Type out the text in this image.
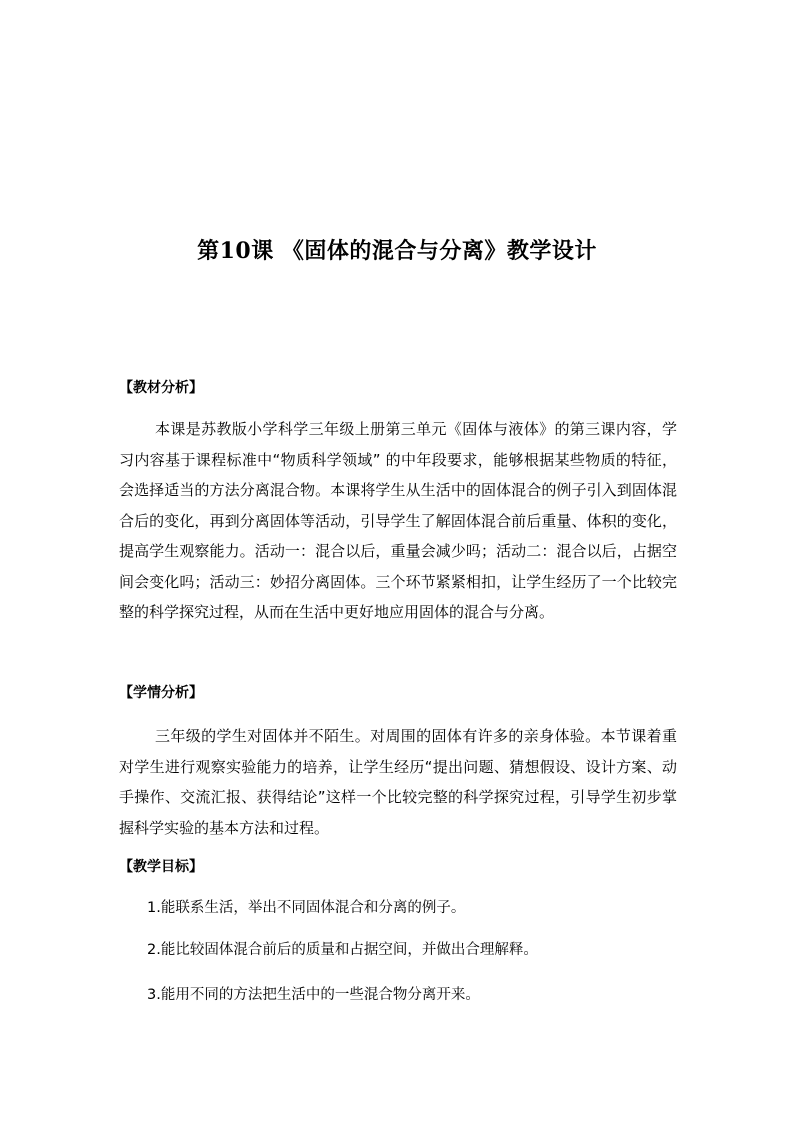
第10课 《固体的混合与分离》教学设计
【教材分析】
本课是苏教版小学科学三年级上册第三单元《固体与液体》的第三课内容，学习内容基于课程标准中“物质科学领域” 的中年段要求，能够根据某些物质的特征，会选择适当的方法分离混合物。本课将学生从生活中的固体混合的例子引入到固体混合后的变化，再到分离固体等活动，引导学生了解固体混合前后重量、体积的变化，提高学生观察能力。活动一：混合以后，重量会减少吗；活动二：混合以后，占据空间会变化吗；活动三：妙招分离固体。三个环节紧紧相扣，让学生经历了一个比较完整的科学探究过程，从而在生活中更好地应用固体的混合与分离。
【学情分析】
三年级的学生对固体并不陌生。对周围的固体有许多的亲身体验。本节课着重对学生进行观察实验能力的培养，让学生经历“提出问题、猜想假设、设计方案、动手操作、交流汇报、获得结论”这样一个比较完整的科学探究过程，引导学生初步掌握科学实验的基本方法和过程。
【教学目标】
1.能联系生活，举出不同固体混合和分离的例子。
2.能比较固体混合前后的质量和占据空间，并做出合理解释。
3.能用不同的方法把生活中的一些混合物分离开来。
